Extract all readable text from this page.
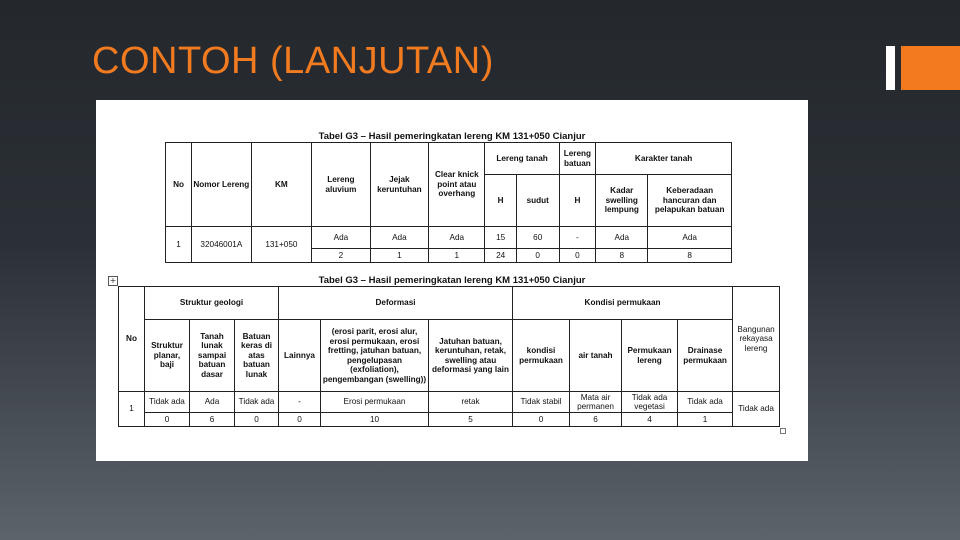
CONTOH (LANJUTAN)
Tabel G3 – Hasil pemeringkatan lereng KM 131+050 Cianjur
No	Nomor Lereng	KM	Lereng aluvium	Jejak keruntuhan	Clear knick point atau overhang	Lereng tanah		Lereng batuan	Karakter tanah	
						H	sudut	H	Kadar swelling lempung	Keberadaan hancuran dan pelapukan batuan
1	32046001A	131+050	Ada	Ada	Ada	15	60	-	Ada	Ada
			2	1	1	24	0	0	8	8
+	Tabel G3 – Hasil pemeringkatan lereng KM 131+050 Cianjur
No	Struktur geologi			Deformasi			Kondisi permukaan				Bangunan rekayasa lereng
	Struktur planar, baji	Tanah lunak sampai batuan dasar	Batuan keras di atas batuan lunak	Lainnya	(erosi parit, erosi alur, erosi permukaan, erosi fretting, jatuhan batuan, pengelupasan (exfoliation), pengembangan (swelling))	Jatuhan batuan, keruntuhan, retak, swelling atau deformasi yang lain	kondisi permukaan	air tanah	Permukaan lereng	Drainase permukaan	
1	Tidak ada	Ada	Tidak ada	-	Erosi permukaan	retak	Tidak stabil	Mata air permanen	Tidak ada vegetasi	Tidak ada	Tidak ada
	0	6	0	0	10	5	0	6	4	1	
